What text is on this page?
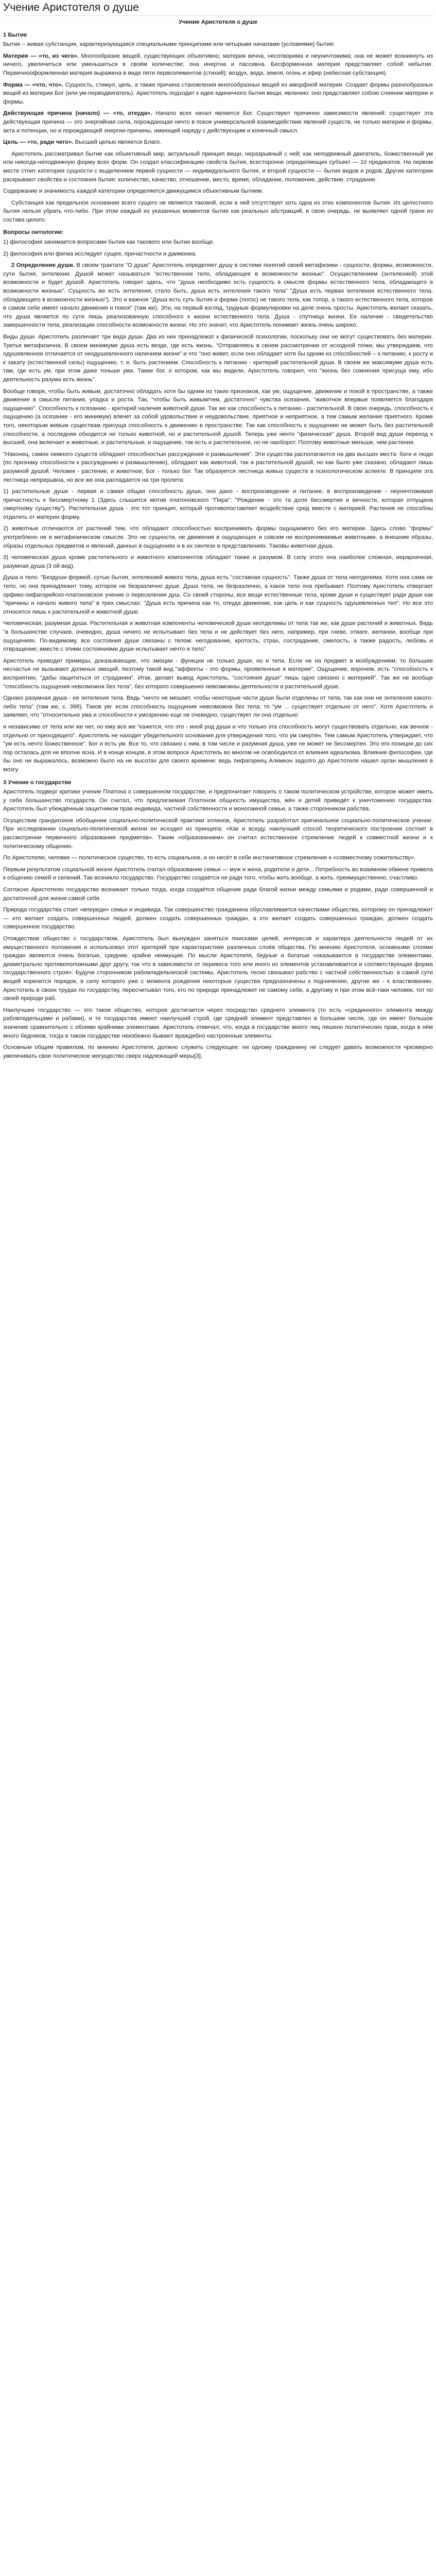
Учение Аристотеля о душе
Учение Аристотеля о душе
1 Бытие

Бытие – живая субстанция, характеризующаяся специальными принципами или четырьмя началами (условиями) бытия:

Материя — «то, из чего». Многообразие вещей, существующих объективно; материя вечна, несотворима и неуничтожима; она не может возникнуть из ничего, увеличиться или уменьшиться в своём количестве; она инертна и пассивна. Бесформенная материя представляет собой небытие. Первичнооформленная материя выражена в виде пяти первоэлементов (стихий): воздух, вода, земля, огонь и эфир (небесная субстанция).

Форма — «что, что». Сущность, стимул, цель, а также причина становления многообразных вещей из аморфной материи. Создает формы разнообразных вещей из материи Бог (или ум-перводвигатель). Аристотель подходит к идее единичного бытия вещи, явлению: оно представляет собою слияние материи и формы.

Действующая причина (начало) — «то, откуда». Начало всех начал является Бог. Существуют причинно зависимости явлений: существует эта действующая причина — это энергийная сила, порождающая нечто в покое универсальной взаимодействие явлений существ, не только материи и формы, акта и потенции, но и порождающей энергии-причины, имеющей наряду с действующим и конечный смысл.

Цель — «то, ради чего». Высшей целью является Благо.

Аристотель рассматривал бытие как объективный мир, актуальный принцип вещи, неразрывный с ней; как неподвижный двигатель, божественный ум или никогда-неподвижную форму всех форм. Он создал классификацию свойств бытия, всесторонне определяющих субъект — 10 предикатов. На первом месте стоит категория сущности с выделением первой сущности — индивидуального бытия, и второй сущности — бытия видов и родов. Другие категории раскрывают свойства и состояния бытия: количество, качество, отношение, место, время, обладание, положение, действие, страдание.

Содержание и значимость каждой категории определяется движущимся объективным бытием.

Субстанция как предельное основание всего сущего не является таковой, если в ней отсутствует хоть одна из этих компонентов бытия. Из целостного бытия нельзя убрать что-либо. При этом каждый из указанных моментов бытия как реальных абстракций, в свою очередь, не выявляет одной грани из состава целого.

Вопросы онтологии:

1) философия занимается вопросами бытия как такового или бытии вообще.

2) философия или фигма исследует сущее, причастности и даимониа.

2 Определение души. В своем трактате "О душе" Аристотель определяет душу в системе понятий своей метафизики - сущности, формы, возможности, сути бытия, энтелехии. Душой может называться "естественное тело, обладающее в возможности жизнью". Осуществлением (энтелехией) этой возможности и будет душой. Аристотель говорит здесь, что "душа необходимо есть сущность в смысле формы естественного тела, обладающего в возможности жизнью". Сущность же есть энтелехия; стало быть, душа есть энтелехия такого тела" "Душа есть первая энтелехия естественного тела, обладающего в возможности жизнью"). Это и важное "Душа есть суть бытия и форма (логос) не такого тела, как топор, а такого естественного тела, которое в самом себе имеет начало движения и покоя" (там же). Эти, на первый взгляд, трудные формулировки на деле очень просты. Аристотель желает сказать, что душа является по сути лишь реализованную способного к жизни естественного тела. Душа - спутница жизни. Ее наличие - свидетельство завершенности тела, реализации способности возможности жизни. Но это значит, что Аристотель понимает жизнь очень широко.

Виды души. Аристотель различает три вида души. Два из них принадлежат к физической психологии, поскольку они не могут существовать без материи. Третья метафизична. В своем минимуме душа есть везде, где есть жизнь. "Отправляясь в своем рассмотрении от исходной точки, мы утверждаем, что одушевленное отличается от неодушевленного наличием жизни" и что "оно живет, если оно обладает хотя бы одним из способностей -- к питанию, к росту и к закату (естественной силы) ощущению, т. е. быть растением. Способность к питанию - критерий растительной души. В своем же максимуме душа есть там, где есть ум, при этом даже тоньше ума. Такие бог, о котором, как мы видели, Аристотель говорил, что "жизнь без сомнения присуща ему, ибо деятельность разума есть жизнь".

Вообще говоря, чтобы быть живым, достаточно обладать хотя бы одним из таких признаков, как ум, ощущение, движение и покой в пространстве, а также движение в смысле питания, упадка и роста. Так, "чтобы быть живым/тем, достаточно" чувства осязания, "животное впервые появляется благодаря ощущению". Способность к осязанию - критерий наличия животной души. Так же как способность к питанию - растительной. В свою очередь, способность к ощущению (а осязание - его минимум) влечет за собой удовольствие и неудовольствие, приятное и неприятное, а тем самым желание приятного. Кроме того, некоторым живым существам присуща способность к движению в пространстве. Так как способность к ощущению не может быть без растительной способности, а последняя обходится не только животной, но и растительной душой. Теперь уже нечто "физическая" душа. Второй вид души переход к высшей, она включает и животные, и растительные, и ощущение, так есть и растительное, но не наоборот. Поэтому животные меньше, чем растения.

"Наконец, самое немного существ обладают способностью рассуждения и размышления". Эти существа располагаются на два высших места: боги и люди (по признаку способности к рассуждению и размышлению), обладают как животной, так и растительной душой, но как было уже сказано, обладают лишь разумной душой. Человек - растение, и животное, Бог - только бог. Так образуется лестница живых существ в психологическом аспекте. В принципе эта лестница непрерывна, но все же она распадается на три пролета:

1) растительные души - первая и самая общая способность души, оно дано - воспроизведение и питание, в воспроизведение - неуничтожимая причастность к бессмертному 1 (Здесь слышится мотив платоновского "Пира": "Рождение - это та доля бессмертия и вечности, которая отпущена смертному существу"). Растительная душа - это тот принцип, который противопоставляет воздействие сред вместе с материей. Растения не способны отделять от материи форму.

2) животные отличаются от растений тем, что обладают способностью воспринимать формы ощущаемого без его материи. Здесь слово "формы" употреблено не в метафизическом смысле. Это не сущности, не движения в ощущающих и совсем не воспринимаемые животными, а внешние образы, образы отдельных предметов и явлений, данных в ощущениях и в их синтезе в представлениях. Таковы животная душа.

3) человеческая душа кроме растительного и животного компонентов обладает также и разумом. В силу этого она наиболее сложная, иерархичная, разумная душа (3 ой вид).

Душа и тело. "Бездуши формой, сутью бытия, энтелехией живого тела, душа есть "составная сущность". Также душа от тела неотделима. Хотя она сама не тело, но она принадлежит тому, которое не безразлично душе. Душа тела, не безразлично, а какое тело она пребывает. Поэтому Аристотель отвергает орфикo-пифагорейско-платоновское учение о переселении душ. Со своей стороны, все вещи естественные тела, кроме души и существует ради души как "причины и начало живого тела" в трех смыслах: "Душа есть причина как то, откуда движение, как цель и как сущность одушевленных тел". Но все это относится лишь к растительной и животной душе.

Человеческая, разумная душа. Растительная и животная компоненты человеческой души неотделимы от тела так же, как души растений и животных. Ведь "в большинстве случаев, очевидно, душа ничего не испытывает без тела и не действует без него, например, при гневе, отваге, желании, вообще при ощущениях. По-видимому, все состояния души связаны с телом: негодование, кротость, страх, сострадание, смелость, а также радость, любовь и отвращение; вместе с этими состояниями души испытывает нечто и тело".

Аристотель приводит примеры, доказывающие, что эмоции - функции не только души, но и тела. Если не на предмет в возбуждением, то большие несчастья не вызывают должных эмоций, поэтому такой вид "аффекты - это формы, проявленные в материи". Ощущение, впрочем, есть "способность к восприятию, "дабы защититься от страдания". Итак, делает вывод Аристотель, "состояния души" лишь одно связано с материей". Так же не вообще "способность ощущения невозможна без тела", без которого совершенно невозможны деятельности в растительной душе.

Однако разумная душа - ее энтелехия тела. Ведь "ничто не мешает, чтобы некоторые части души были отделены от тела, так как они не энтелехия какого-либо тела" (там же, с. 398). Таков ум: если способность ощущения невозможна без тела; то "ум ... существует отдельно от него". Хотя Аристотель и заявляет, что "относительно ума и способности к умозрению еще не очевидно, существует ли она отдельно

и независимо от тела или же нет, но ему все же "кажется, что это - иной род души и что только эта способность могут существовать отдельно, как вечное - отдельно от преходящего". Аристотель не находит убедительного основания для утверждения того, что ум смертен. Тем самым Аристотель утверждает, что "ум есть нечто божественное". Бог и есть ум. Все то, что связано с ним, в том числе и разумная душа, уже не может не бессмертен. Это его позиция до сих пор осталась для не вполне ясна. И в конце концов, в этом вопросе Аристотель во многом не освободился от влияния идеализма. Влияние философии, где бы оно ни выражалось, возможно было на не высотах для своего времени: ведь пифагореец Алкмеон задолго до Аристотеля нашел орган мышления в мозгу.

3 Учение о государстве

Аристотель подверг критике учение Платона о совершенном государстве, и предпочитает говорить о таком политическом устройстве, которое может иметь у себя большинство государств. Он считал, что предлагаемая Платоном общность имущества, жён и детей приведёт к уничтожению государства. Аристотель был убеждённым защитником прав индивида, частной собственности и моногамной семьи, а также сторонником рабства.

Осуществив грандиозное обобщение социально-политической практики эллинов, Аристотель разработал оригинальное социально-политическое учение. При исследовании социально-политической жизни он исходил из принципа: «Как и всюду, наилучший способ теоретического построения состоит в рассмотрении первичного образования предметов». Таким «образованием» он считал естественное стремление людей к совместной жизни и к политическому общению.

По Аристотелю, человек — политическое существо, то есть социальное, и он несёт в себе инстинктивное стремление к «совместному сожительству».

Первым результатом социальной жизни Аристотель считал образование семьи — муж и жена, родители и дети... Потребность во взаимном обмене привела к общению семей и селений. Так возникло государство. Государство создаётся не ради того, чтобы жить вообще, а жить, преимущественно, счастливо.

Согласно Аристотелю государство возникает только тогда, когда создаётся общение ради благой жизни между семьями и родами, ради совершенной и достаточной для жизни самой себя.

Природа государства стоит «впереди» семьи и индивида. Так совершенство гражданина обуславливается качествами общества, которому он принадлежит — кто желает создать совершенных людей, должен создать совершенных граждан, а кто желает создать совершенных граждан, должен создать совершенное государство.

Отождествив общество с государством, Аристотель был вынужден заняться поисками целей, интересов и характера деятельности людей от их имущественного положения и использовал этот критерий при характеристике различных слоёв общества. По мнению Аристотеля, основными слоями граждан являются очень богатые, средние, крайне неимущие. По мысли Аристотеля, бедные и богатые «оказываются в государстве элементами, диаметрально противоположными друг другу, так что в зависимости от перевеса того или иного из элементов устанавливается и соответствующая форма государственного строя». Будучи сторонником рабовладельческой системы, Аристотель тесно связывал рабство с частной собственностью: в самой сути вещей коренится порядок, в силу которого уже с момента рождения некоторые существа предназначены к подчинению, другие же - к властвованию. Аристотель в своих трудах по государству, пересчитывал того, кто по природе принадлежит не самому себе, а другому и при этом всё-таки человек, тот по своей природе раб.

Наилучшее государство — это такое общество, которое достигается через посредство среднего элемента (то есть «срединного» элемента между рабовладельцами и рабами), и те государства имеют наилучший строй, где средний элемент представлен в большем числе, где он имеет большое значение сравнительно с обоими крайними элементами. Аристотель отмечал, что, когда в государстве много лиц лишено политических прав, когда в нём много бедняков, тогда в таком государстве неизбежно бывают враждебно настроенные элементы.

Основным общим правилом, по мнению Аристотеля, должно служить следующее: ни одному гражданину не следует давать возможности чрезмерно увеличивать свое политическое могущество сверх надлежащей меры[3].
